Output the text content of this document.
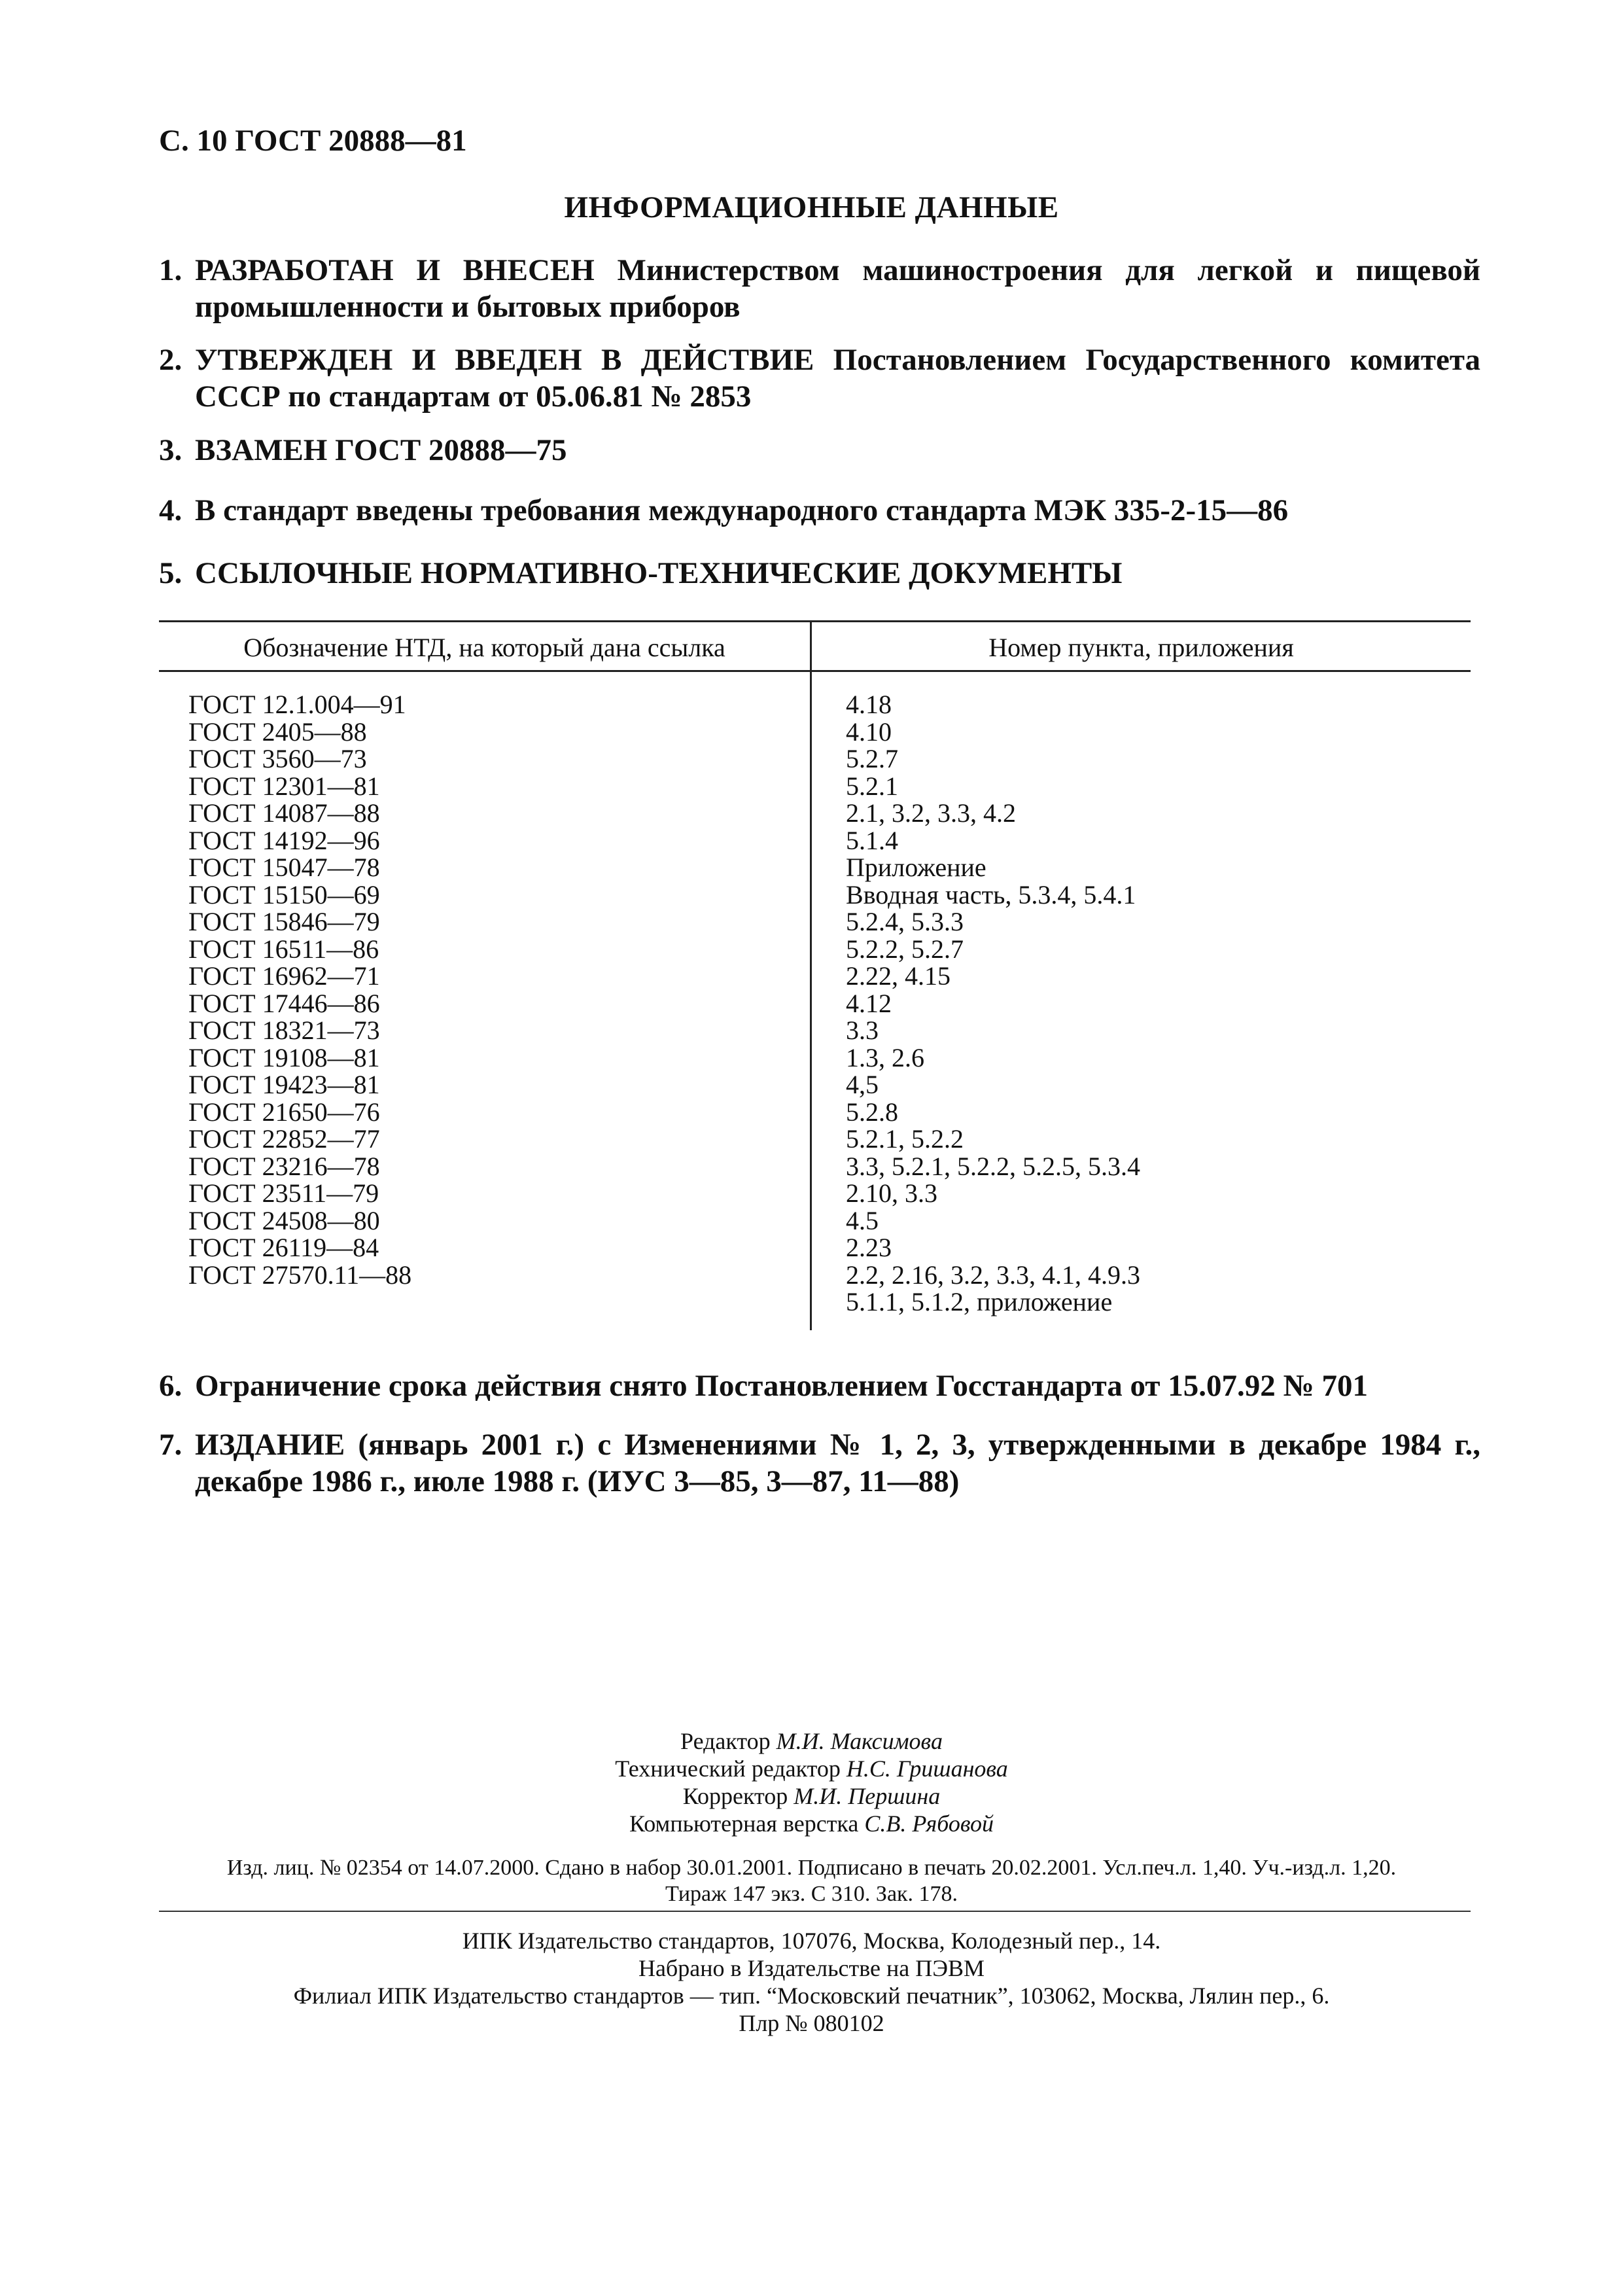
С. 10 ГОСТ 20888—81
ИНФОРМАЦИОННЫЕ ДАННЫЕ
1. РАЗРАБОТАН И ВНЕСЕН Министерством машиностроения для легкой и пищевой промышленности и бытовых приборов
2. УТВЕРЖДЕН И ВВЕДЕН В ДЕЙСТВИЕ Постановлением Государственного комитета СССР по стандартам от 05.06.81 № 2853
3. ВЗАМЕН ГОСТ 20888—75
4. В стандарт введены требования международного стандарта МЭК 335-2-15—86
5. ССЫЛОЧНЫЕ НОРМАТИВНО-ТЕХНИЧЕСКИЕ ДОКУМЕНТЫ
Обозначение НТД, на который дана ссылка	Номер пункта, приложения
ГОСТ 12.1.004—91
ГОСТ 2405—88
ГОСТ 3560—73
ГОСТ 12301—81
ГОСТ 14087—88
ГОСТ 14192—96
ГОСТ 15047—78
ГОСТ 15150—69
ГОСТ 15846—79
ГОСТ 16511—86
ГОСТ 16962—71
ГОСТ 17446—86
ГОСТ 18321—73
ГОСТ 19108—81
ГОСТ 19423—81
ГОСТ 21650—76
ГОСТ 22852—77
ГОСТ 23216—78
ГОСТ 23511—79
ГОСТ 24508—80
ГОСТ 26119—84
ГОСТ 27570.11—88
4.18
4.10
5.2.7
5.2.1
2.1, 3.2, 3.3, 4.2
5.1.4
Приложение
Вводная часть, 5.3.4, 5.4.1
5.2.4, 5.3.3
5.2.2, 5.2.7
2.22, 4.15
4.12
3.3
1.3, 2.6
4,5
5.2.8
5.2.1, 5.2.2
3.3, 5.2.1, 5.2.2, 5.2.5, 5.3.4
2.10, 3.3
4.5
2.23
2.2, 2.16, 3.2, 3.3, 4.1, 4.9.3
5.1.1, 5.1.2, приложение
6. Ограничение срока действия снято Постановлением Госстандарта от 15.07.92 № 701
7. ИЗДАНИЕ (январь 2001 г.) с Изменениями № 1, 2, 3, утвержденными в декабре 1984 г., декабре 1986 г., июле 1988 г. (ИУС 3—85, 3—87, 11—88)
Редактор М.И. Максимова
Технический редактор Н.С. Гришанова
Корректор М.И. Першина
Компьютерная верстка С.В. Рябовой
Изд. лиц. № 02354 от 14.07.2000. Сдано в набор 30.01.2001. Подписано в печать 20.02.2001. Усл.печ.л. 1,40. Уч.-изд.л. 1,20.
Тираж 147 экз. С 310. Зак. 178.
ИПК Издательство стандартов, 107076, Москва, Колодезный пер., 14.
Набрано в Издательстве на ПЭВМ
Филиал ИПК Издательство стандартов — тип. “Московский печатник”, 103062, Москва, Лялин пер., 6.
Плр № 080102
